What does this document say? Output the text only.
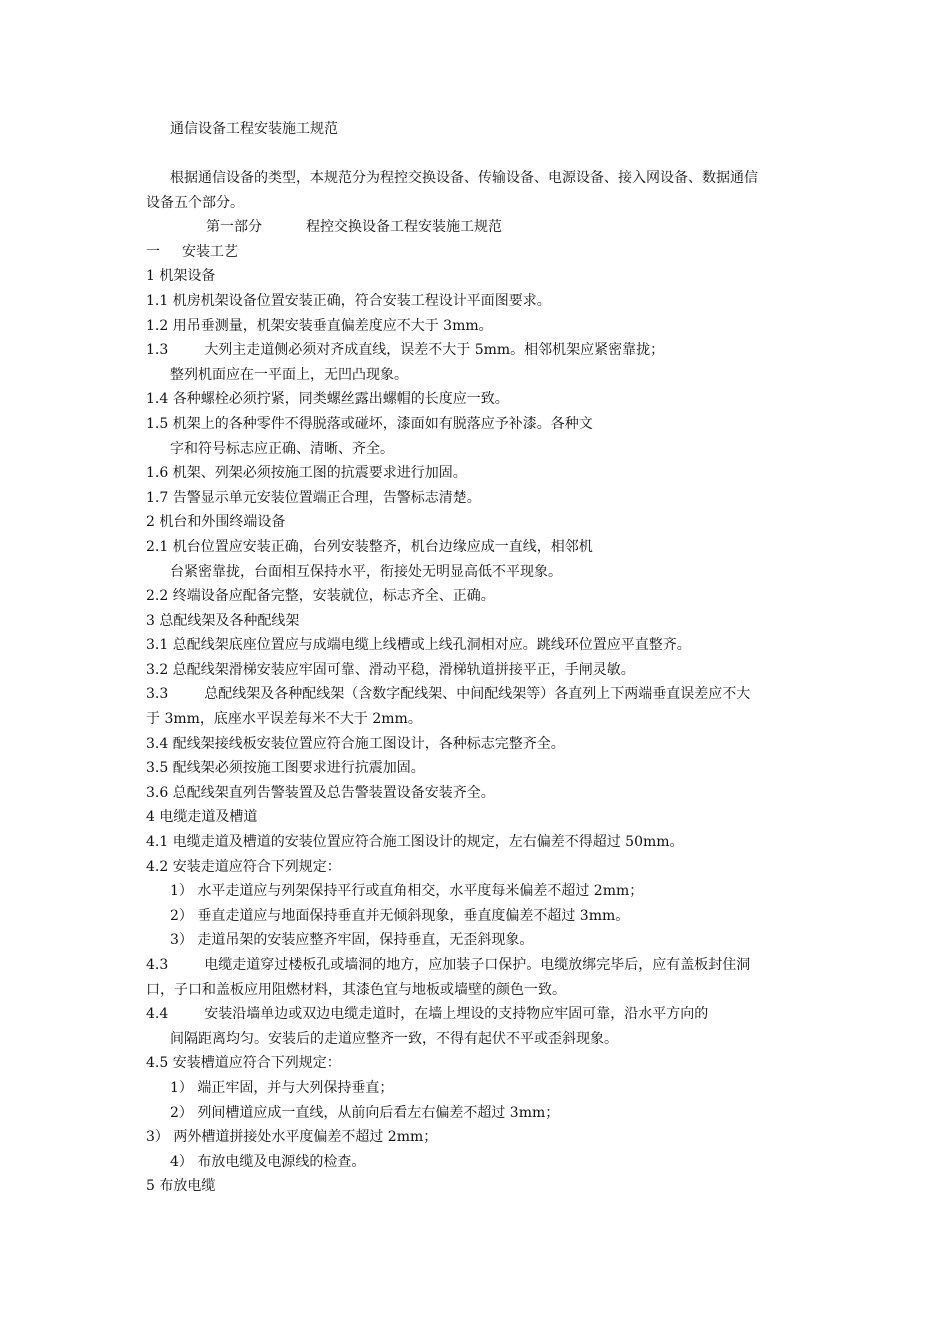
通信设备工程安装施工规范
根据通信设备的类型，本规范分为程控交换设备、传输设备、电源设备、接入网设备、数据通信
设备五个部分。
第一部分	程控交换设备工程安装施工规范
一 安装工艺
1 机架设备
1.1 机房机架设备位置安装正确，符合安装工程设计平面图要求。
1.2 用吊垂测量，机架安装垂直偏差度应不大于 3mm。
1.3	大列主走道侧必须对齐成直线，误差不大于 5mm。相邻机架应紧密靠拢；
整列机面应在一平面上，无凹凸现象。
1.4 各种螺栓必须拧紧，同类螺丝露出螺帽的长度应一致。
1.5 机架上的各种零件不得脱落或碰坏，漆面如有脱落应予补漆。各种文
字和符号标志应正确、清晰、齐全。
1.6 机架、列架必须按施工图的抗震要求进行加固。
1.7 告警显示单元安装位置端正合理，告警标志清楚。
2 机台和外围终端设备
2.1 机台位置应安装正确，台列安装整齐，机台边缘应成一直线，相邻机
台紧密靠拢，台面相互保持水平，衔接处无明显高低不平现象。
2.2 终端设备应配备完整，安装就位，标志齐全、正确。
3 总配线架及各种配线架
3.1 总配线架底座位置应与成端电缆上线槽或上线孔洞相对应。跳线环位置应平直整齐。
3.2 总配线架滑梯安装应牢固可靠、滑动平稳，滑梯轨道拼接平正，手闸灵敏。
3.3	总配线架及各种配线架（含数字配线架、中间配线架等）各直列上下两端垂直误差应不大
于 3mm，底座水平误差每米不大于 2mm。
3.4 配线架接线板安装位置应符合施工图设计，各种标志完整齐全。
3.5 配线架必须按施工图要求进行抗震加固。
3.6 总配线架直列告警装置及总告警装置设备安装齐全。
4 电缆走道及槽道
4.1 电缆走道及槽道的安装位置应符合施工图设计的规定，左右偏差不得超过 50mm。
4.2 安装走道应符合下列规定：
1） 水平走道应与列架保持平行或直角相交，水平度每米偏差不超过 2mm；
2） 垂直走道应与地面保持垂直并无倾斜现象，垂直度偏差不超过 3mm。
3） 走道吊架的安装应整齐牢固，保持垂直，无歪斜现象。
4.3	电缆走道穿过楼板孔或墙洞的地方，应加装子口保护。电缆放绑完毕后，应有盖板封住洞
口，子口和盖板应用阻燃材料，其漆色宜与地板或墙壁的颜色一致。
4.4	安装沿墙单边或双边电缆走道时，在墙上埋设的支持物应牢固可靠，沿水平方向的
间隔距离均匀。安装后的走道应整齐一致，不得有起伏不平或歪斜现象。
4.5 安装槽道应符合下列规定：
1） 端正牢固，并与大列保持垂直；
2） 列间槽道应成一直线，从前向后看左右偏差不超过 3mm；
3） 两外槽道拼接处水平度偏差不超过 2mm；
4） 布放电缆及电源线的检查。
5 布放电缆
